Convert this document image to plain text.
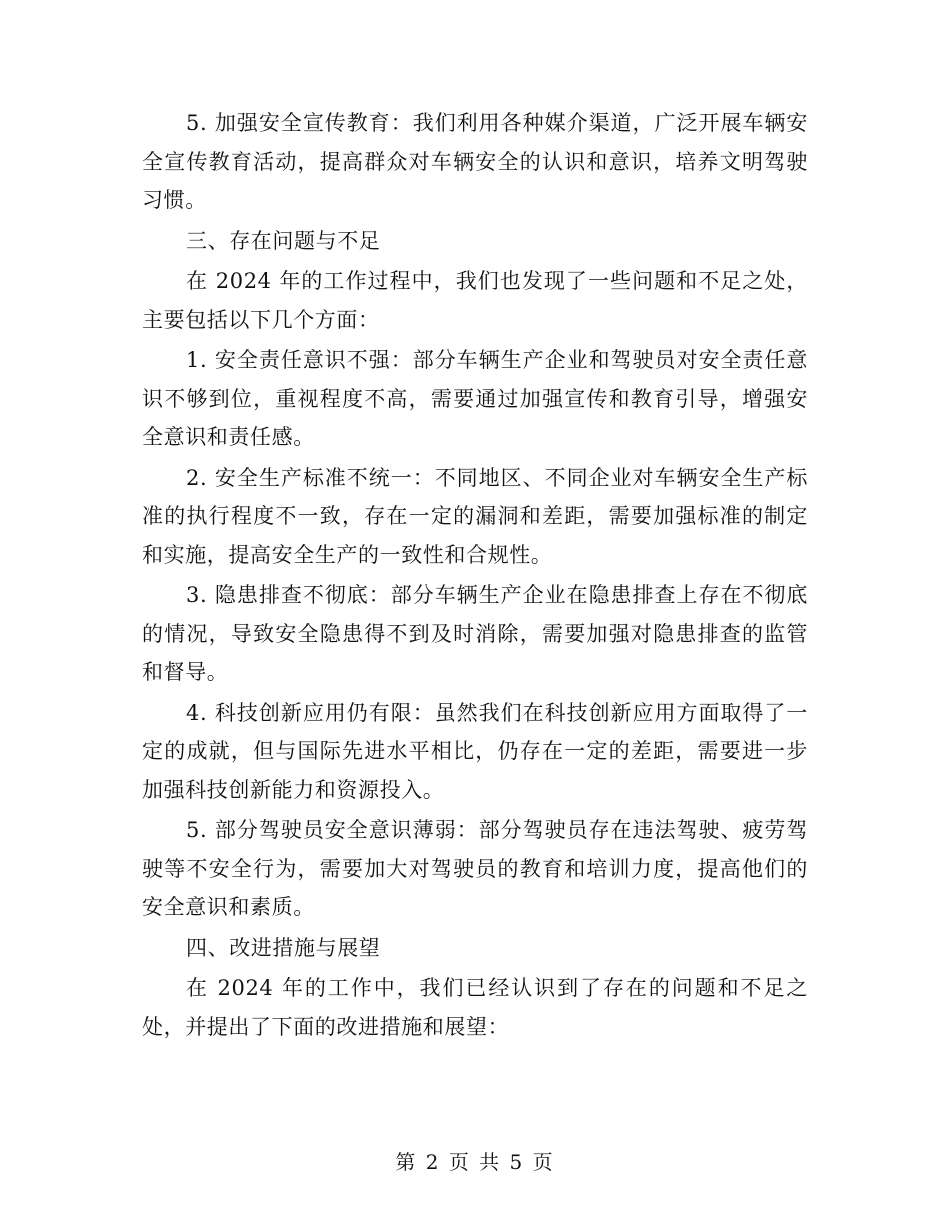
5. 加强安全宣传教育：我们利用各种媒介渠道，广泛开展车辆安全宣传教育活动，提高群众对车辆安全的认识和意识，培养文明驾驶习惯。

三、存在问题与不足

在 2024 年的工作过程中，我们也发现了一些问题和不足之处，主要包括以下几个方面：

1. 安全责任意识不强：部分车辆生产企业和驾驶员对安全责任意识不够到位，重视程度不高，需要通过加强宣传和教育引导，增强安全意识和责任感。

2. 安全生产标准不统一：不同地区、不同企业对车辆安全生产标准的执行程度不一致，存在一定的漏洞和差距，需要加强标准的制定和实施，提高安全生产的一致性和合规性。

3. 隐患排查不彻底：部分车辆生产企业在隐患排查上存在不彻底的情况，导致安全隐患得不到及时消除，需要加强对隐患排查的监管和督导。

4. 科技创新应用仍有限：虽然我们在科技创新应用方面取得了一定的成就，但与国际先进水平相比，仍存在一定的差距，需要进一步加强科技创新能力和资源投入。

5. 部分驾驶员安全意识薄弱：部分驾驶员存在违法驾驶、疲劳驾驶等不安全行为，需要加大对驾驶员的教育和培训力度，提高他们的安全意识和素质。

四、改进措施与展望

在 2024 年的工作中，我们已经认识到了存在的问题和不足之处，并提出了下面的改进措施和展望：

第 2 页 共 5 页
